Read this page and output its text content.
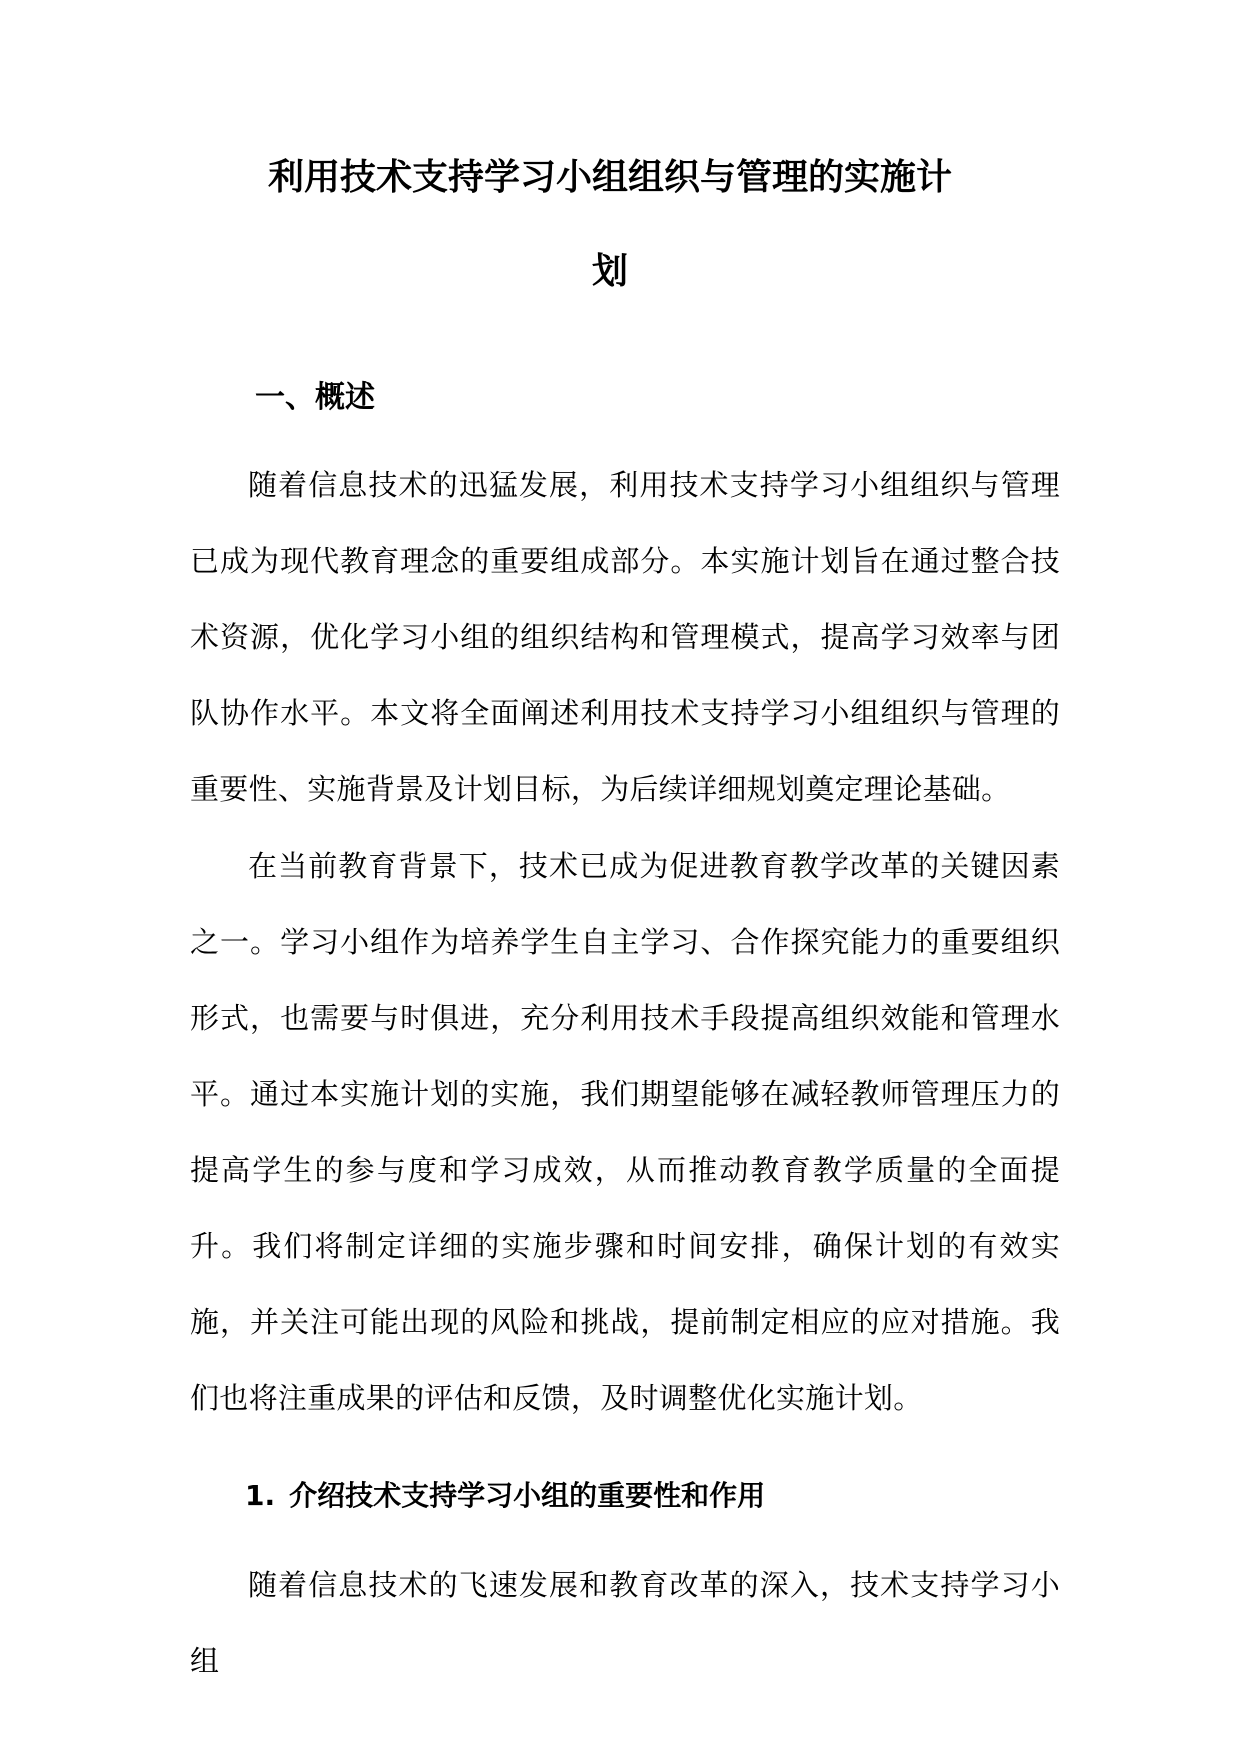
利用技术支持学习小组组织与管理的实施计
划
一、概述

随着信息技术的迅猛发展，利用技术支持学习小组组织与管理已成为现代教育理念的重要组成部分。本实施计划旨在通过整合技术资源，优化学习小组的组织结构和管理模式，提高学习效率与团队协作水平。本文将全面阐述利用技术支持学习小组组织与管理的重要性、实施背景及计划目标，为后续详细规划奠定理论基础。

在当前教育背景下，技术已成为促进教育教学改革的关键因素之一。学习小组作为培养学生自主学习、合作探究能力的重要组织形式，也需要与时俱进，充分利用技术手段提高组织效能和管理水平。通过本实施计划的实施，我们期望能够在减轻教师管理压力的提高学生的参与度和学习成效，从而推动教育教学质量的全面提升。我们将制定详细的实施步骤和时间安排，确保计划的有效实施，并关注可能出现的风险和挑战，提前制定相应的应对措施。我们也将注重成果的评估和反馈，及时调整优化实施计划。

1. 介绍技术支持学习小组的重要性和作用

随着信息技术的飞速发展和教育改革的深入，技术支持学习小组
